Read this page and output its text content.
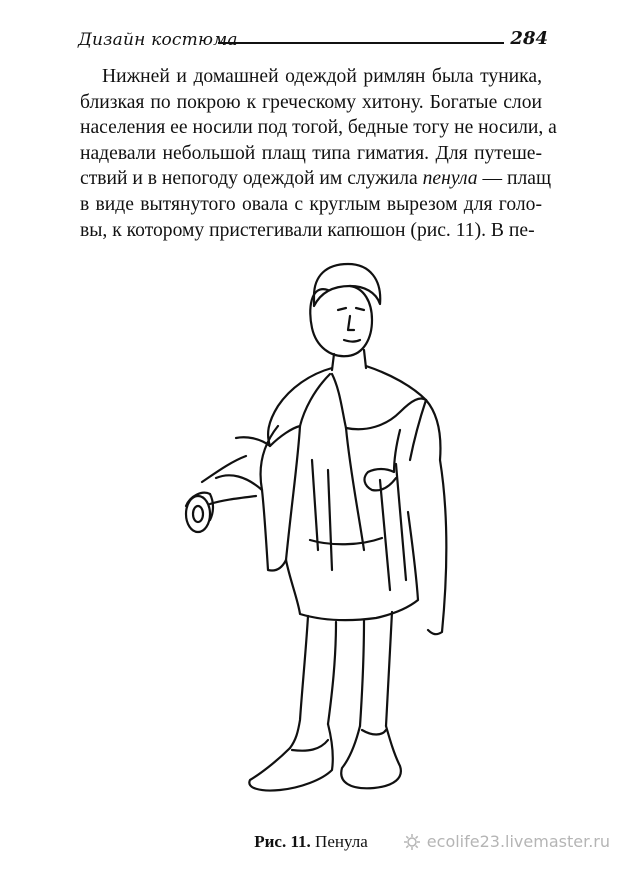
Дизайн костюма	284
Нижней и домашней одеждой римлян была туника,
близкая по покрою к греческому хитону. Богатые слои
населения ее носили под тогой, бедные тогу не носили, а
надевали небольшой плащ типа гиматия. Для путеше-
ствий и в непогоду одеждой им служила пенула — плащ
в виде вытянутого овала с круглым вырезом для голо-
вы, к которому пристегивали капюшон (рис. 11). В пе-
Рис. 11. Пенула	ecolife23.livemaster.ru
